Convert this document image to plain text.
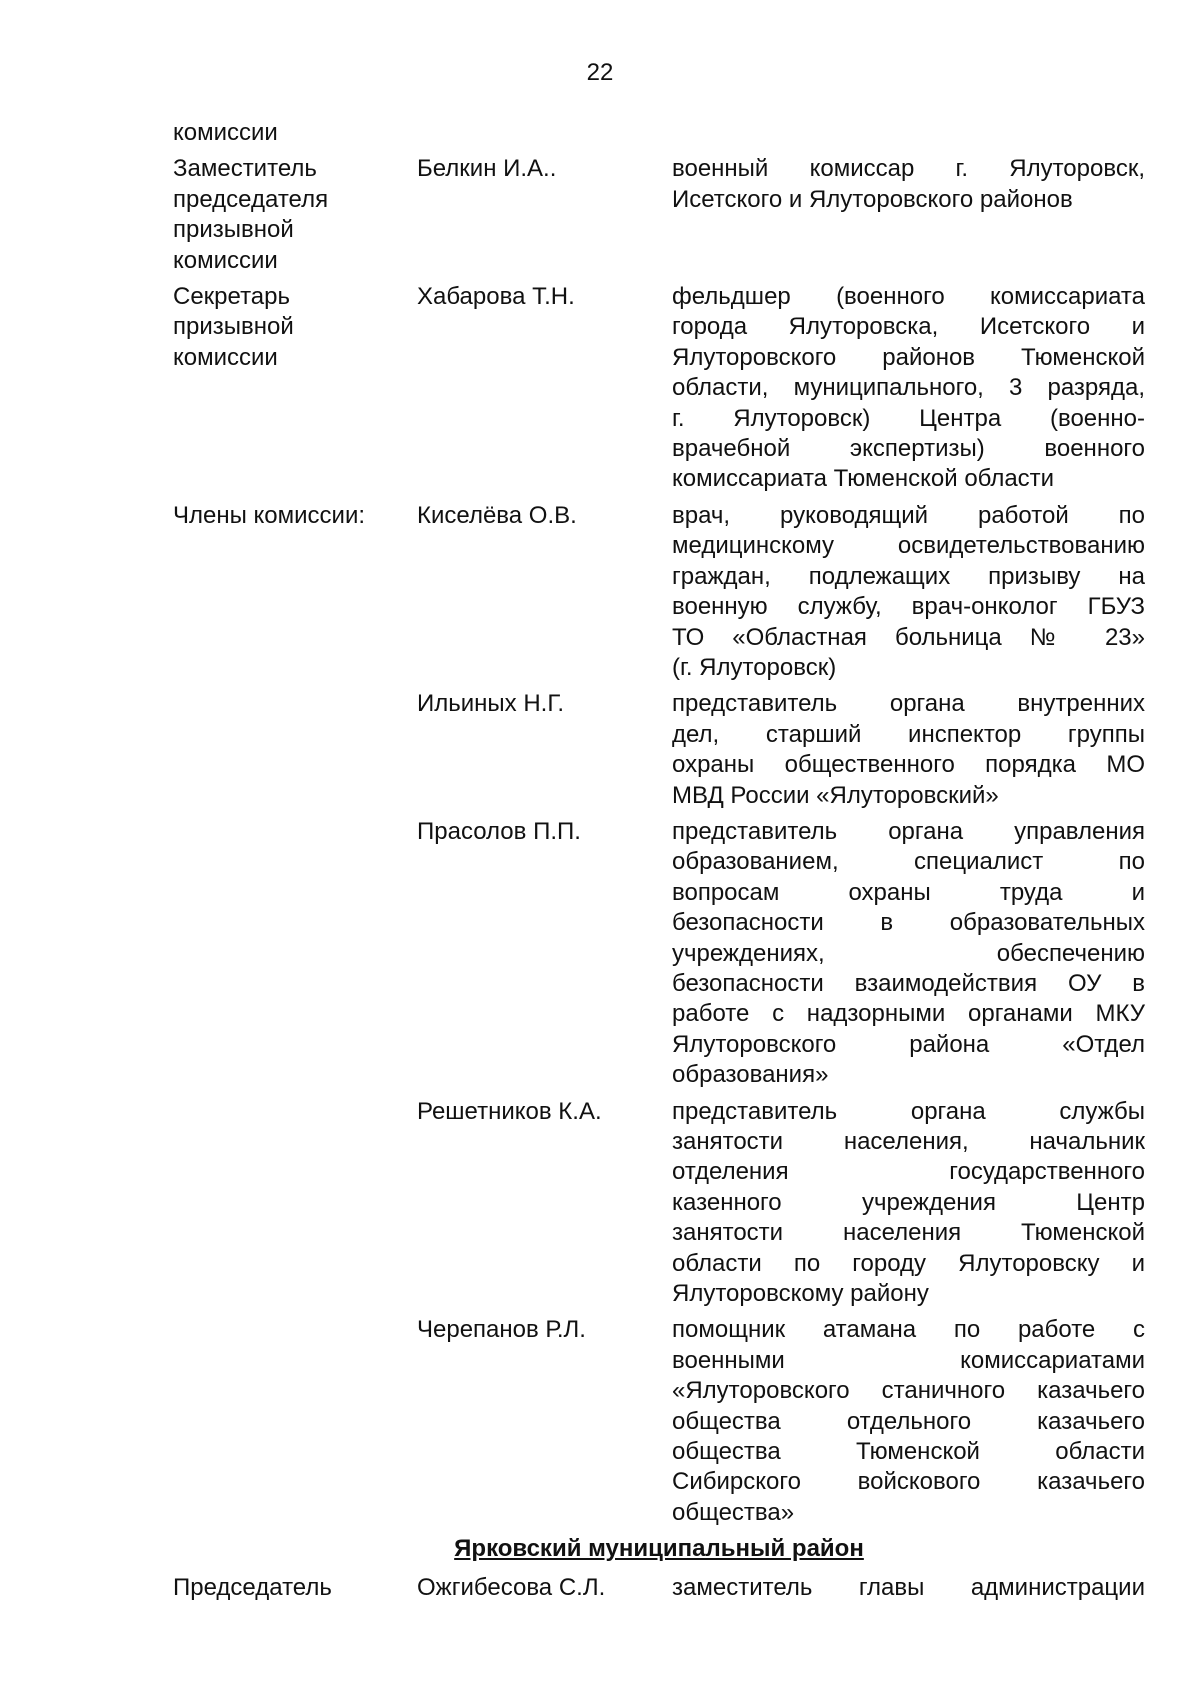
22
комиссии
Заместитель
председателя
призывной
комиссии
Белкин И.А..	военный комиссар г. Ялуторовск,
Исетского и Ялуторовского районов
Секретарь
призывной
комиссии
Хабарова Т.Н.	фельдшер (военного комиссариата
города Ялуторовска, Исетского и
Ялуторовского районов Тюменской
области, муниципального, 3 разряда,
г. Ялуторовск) Центра (военно-
врачебной экспертизы) военного
комиссариата Тюменской области
Члены комиссии:	Киселёва О.В.	врач, руководящий работой по
медицинскому освидетельствованию
граждан, подлежащих призыву на
военную службу, врач-онколог ГБУЗ
ТО «Областная больница № 23»
(г. Ялуторовск)
Ильиных Н.Г.	представитель органа внутренних
дел, старший инспектор группы
охраны общественного порядка МО
МВД России «Ялуторовский»
Прасолов П.П.	представитель органа управления
образованием, специалист по
вопросам охраны труда и
безопасности в образовательных
учреждениях, обеспечению
безопасности взаимодействия ОУ в
работе с надзорными органами МКУ
Ялуторовского района «Отдел
образования»
Решетников К.А.	представитель органа службы
занятости населения, начальник
отделения государственного
казенного учреждения Центр
занятости населения Тюменской
области по городу Ялуторовску и
Ялуторовскому району
Черепанов Р.Л.	помощник атамана по работе с
военными комиссариатами
«Ялуторовского станичного казачьего
общества отдельного казачьего
общества Тюменской области
Сибирского войскового казачьего
общества»
Ярковский муниципальный район
Председатель	Ожгибесова С.Л.	заместитель главы администрации
